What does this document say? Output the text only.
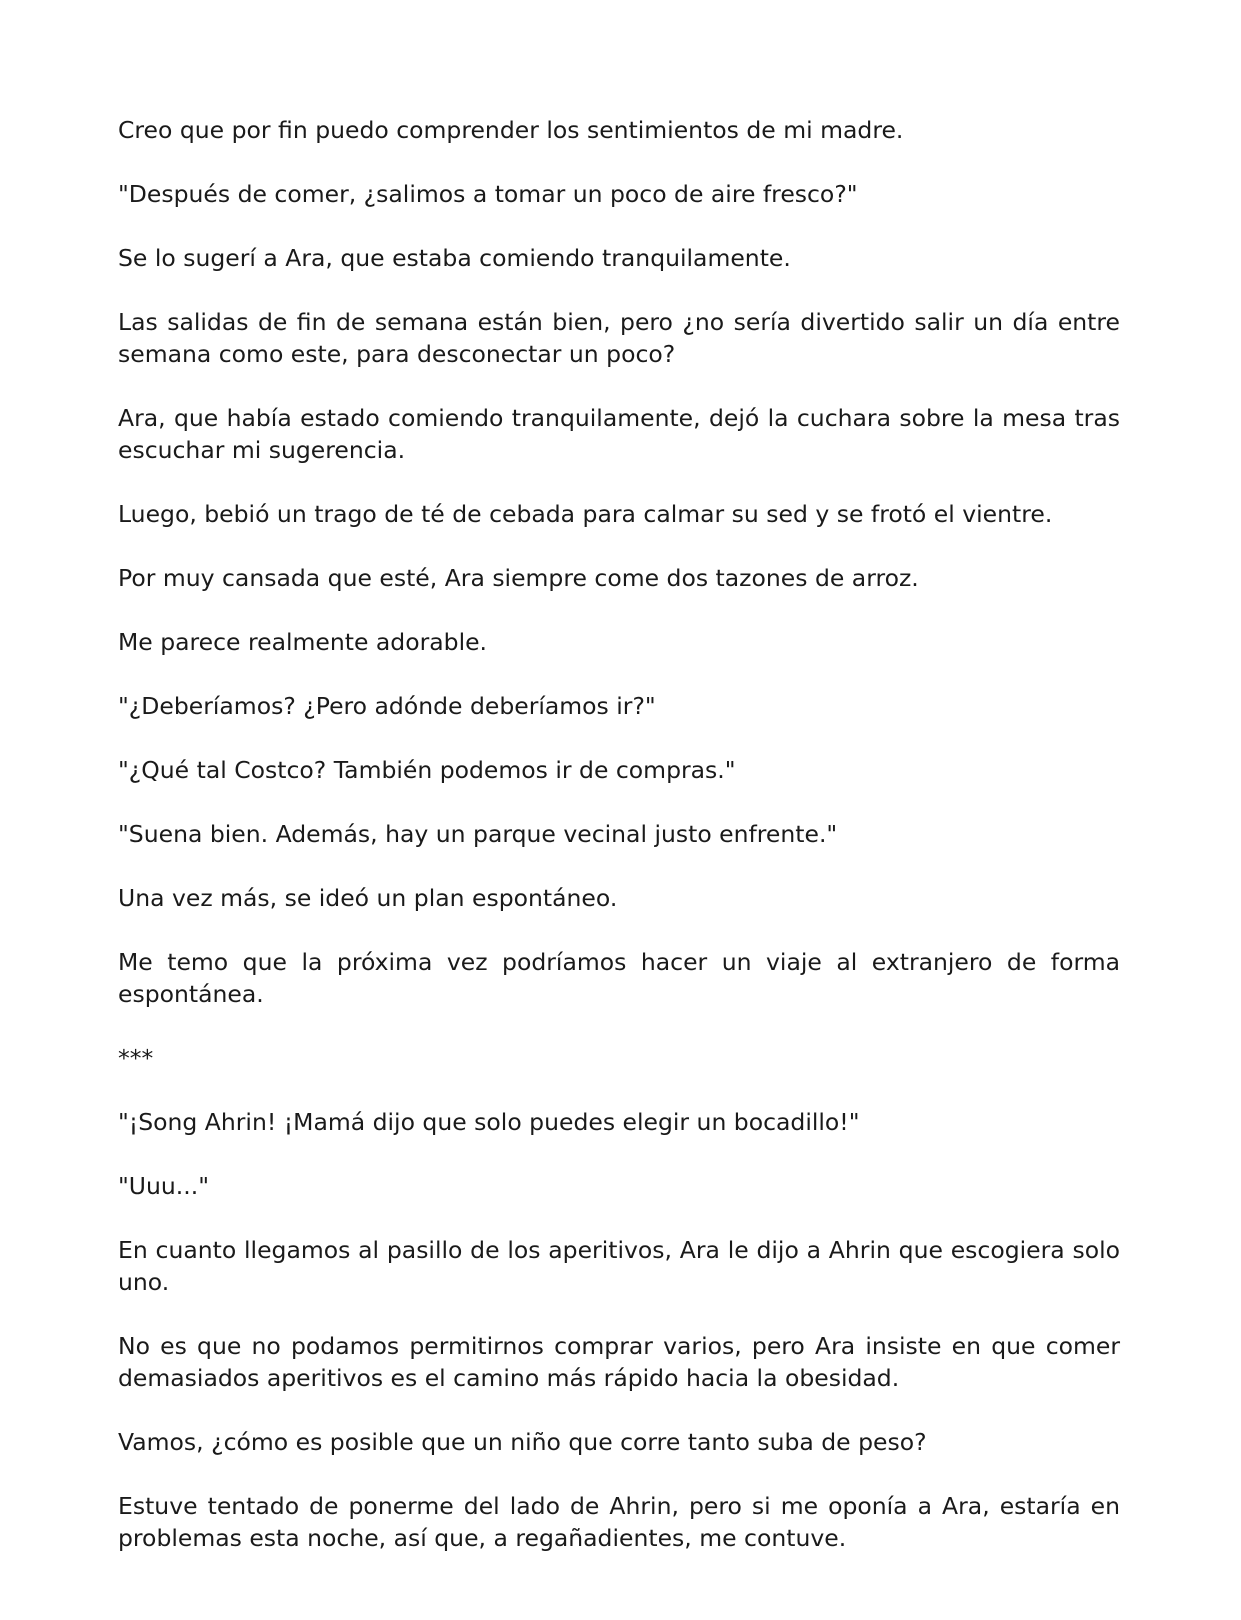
Creo que por fin puedo comprender los sentimientos de mi madre.

"Después de comer, ¿salimos a tomar un poco de aire fresco?"

Se lo sugerí a Ara, que estaba comiendo tranquilamente.

Las salidas de fin de semana están bien, pero ¿no sería divertido salir un día entre semana como este, para desconectar un poco?

Ara, que había estado comiendo tranquilamente, dejó la cuchara sobre la mesa tras escuchar mi sugerencia.

Luego, bebió un trago de té de cebada para calmar su sed y se frotó el vientre.

Por muy cansada que esté, Ara siempre come dos tazones de arroz.

Me parece realmente adorable.

"¿Deberíamos? ¿Pero adónde deberíamos ir?"

"¿Qué tal Costco? También podemos ir de compras."

"Suena bien. Además, hay un parque vecinal justo enfrente."

Una vez más, se ideó un plan espontáneo.

Me temo que la próxima vez podríamos hacer un viaje al extranjero de forma espontánea.

***

"¡Song Ahrin! ¡Mamá dijo que solo puedes elegir un bocadillo!"

"Uuu..."

En cuanto llegamos al pasillo de los aperitivos, Ara le dijo a Ahrin que escogiera solo uno.

No es que no podamos permitirnos comprar varios, pero Ara insiste en que comer demasiados aperitivos es el camino más rápido hacia la obesidad.

Vamos, ¿cómo es posible que un niño que corre tanto suba de peso?

Estuve tentado de ponerme del lado de Ahrin, pero si me oponía a Ara, estaría en problemas esta noche, así que, a regañadientes, me contuve.
